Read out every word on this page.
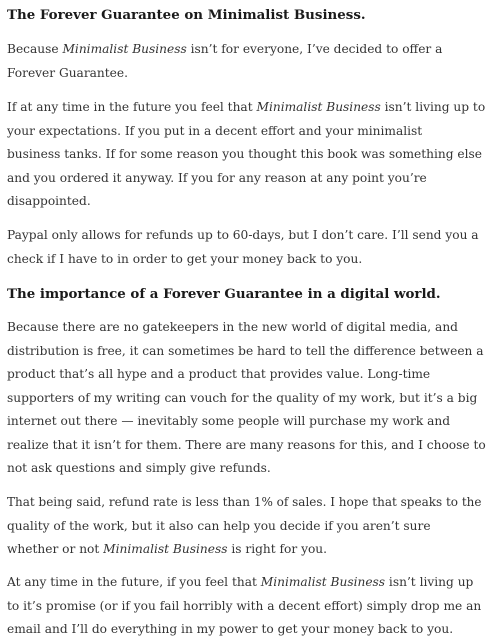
The Forever Guarantee on Minimalist Business.

Because Minimalist Business isn’t for everyone, I’ve decided to offer a
Forever Guarantee.

If at any time in the future you feel that Minimalist Business isn’t living up to
your expectations. If you put in a decent effort and your minimalist
business tanks. If for some reason you thought this book was something else
and you ordered it anyway. If you for any reason at any point you’re
disappointed.

Paypal only allows for refunds up to 60-days, but I don’t care. I’ll send you a
check if I have to in order to get your money back to you.

The importance of a Forever Guarantee in a digital world.

Because there are no gatekeepers in the new world of digital media, and
distribution is free, it can sometimes be hard to tell the difference between a
product that’s all hype and a product that provides value. Long-time
supporters of my writing can vouch for the quality of my work, but it’s a big
internet out there — inevitably some people will purchase my work and
realize that it isn’t for them. There are many reasons for this, and I choose to
not ask questions and simply give refunds.

That being said, refund rate is less than 1% of sales. I hope that speaks to the
quality of the work, but it also can help you decide if you aren’t sure
whether or not Minimalist Business is right for you.

At any time in the future, if you feel that Minimalist Business isn’t living up
to it’s promise (or if you fail horribly with a decent effort) simply drop me an
email and I’ll do everything in my power to get your money back to you.
